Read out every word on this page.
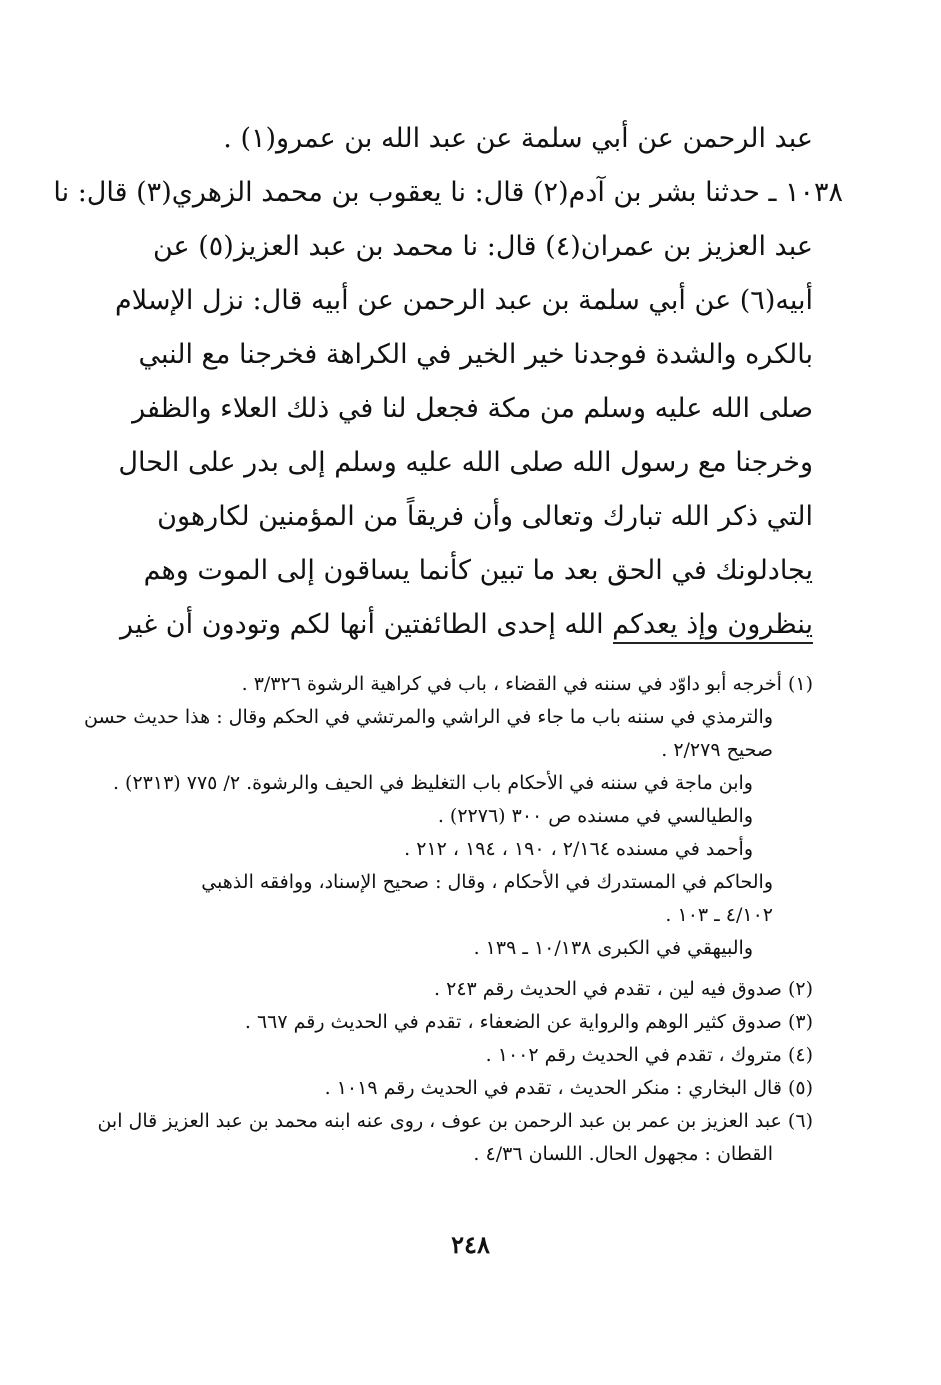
عبد الرحمن عن أبي سلمة عن عبد الله بن عمرو(١) .
١٠٣٨ ـ حدثنا بشر بن آدم(٢) قال: نا يعقوب بن محمد الزهري(٣) قال: نا
عبد العزيز بن عمران(٤) قال: نا محمد بن عبد العزيز(٥) عن
أبيه(٦) عن أبي سلمة بن عبد الرحمن عن أبيه قال: نزل الإسلام
بالكره والشدة فوجدنا خير الخير في الكراهة فخرجنا مع النبي
صلى الله عليه وسلم من مكة فجعل لنا في ذلك العلاء والظفر
وخرجنا مع رسول الله صلى الله عليه وسلم إلى بدر على الحال
التي ذكر الله تبارك وتعالى وأن فريقاً من المؤمنين لكارهون
يجادلونك في الحق بعد ما تبين كأنما يساقون إلى الموت وهم
ينظرون وإذ يعدكم الله إحدى الطائفتين أنها لكم وتودون أن غير
(١) أخرجه أبو داوّد في سننه في القضاء ، باب في كراهية الرشوة ٣/٣٢٦ .
والترمذي في سننه باب ما جاء في الراشي والمرتشي في الحكم وقال : هذا حديث حسن
صحيح ٢/٢٧٩ .
وابن ماجة في سننه في الأحكام باب التغليظ في الحيف والرشوة. ٢/ ٧٧٥ (٢٣١٣) .
والطيالسي في مسنده ص ٣٠٠ (٢٢٧٦) .
وأحمد في مسنده ٢/١٦٤ ، ١٩٠ ، ١٩٤ ، ٢١٢ .
والحاكم في المستدرك في الأحكام ، وقال : صحيح الإسناد، ووافقه الذهبي
٤/١٠٢ ـ ١٠٣ .
والبيهقي في الكبرى ١٠/١٣٨ ـ ١٣٩ .
(٢) صدوق فيه لين ، تقدم في الحديث رقم ٢٤٣ .
(٣) صدوق كثير الوهم والرواية عن الضعفاء ، تقدم في الحديث رقم ٦٦٧ .
(٤) متروك ، تقدم في الحديث رقم ١٠٠٢ .
(٥) قال البخاري : منكر الحديث ، تقدم في الحديث رقم ١٠١٩ .
(٦) عبد العزيز بن عمر بن عبد الرحمن بن عوف ، روى عنه ابنه محمد بن عبد العزيز قال ابن
القطان : مجهول الحال. اللسان ٤/٣٦ .
٢٤٨
